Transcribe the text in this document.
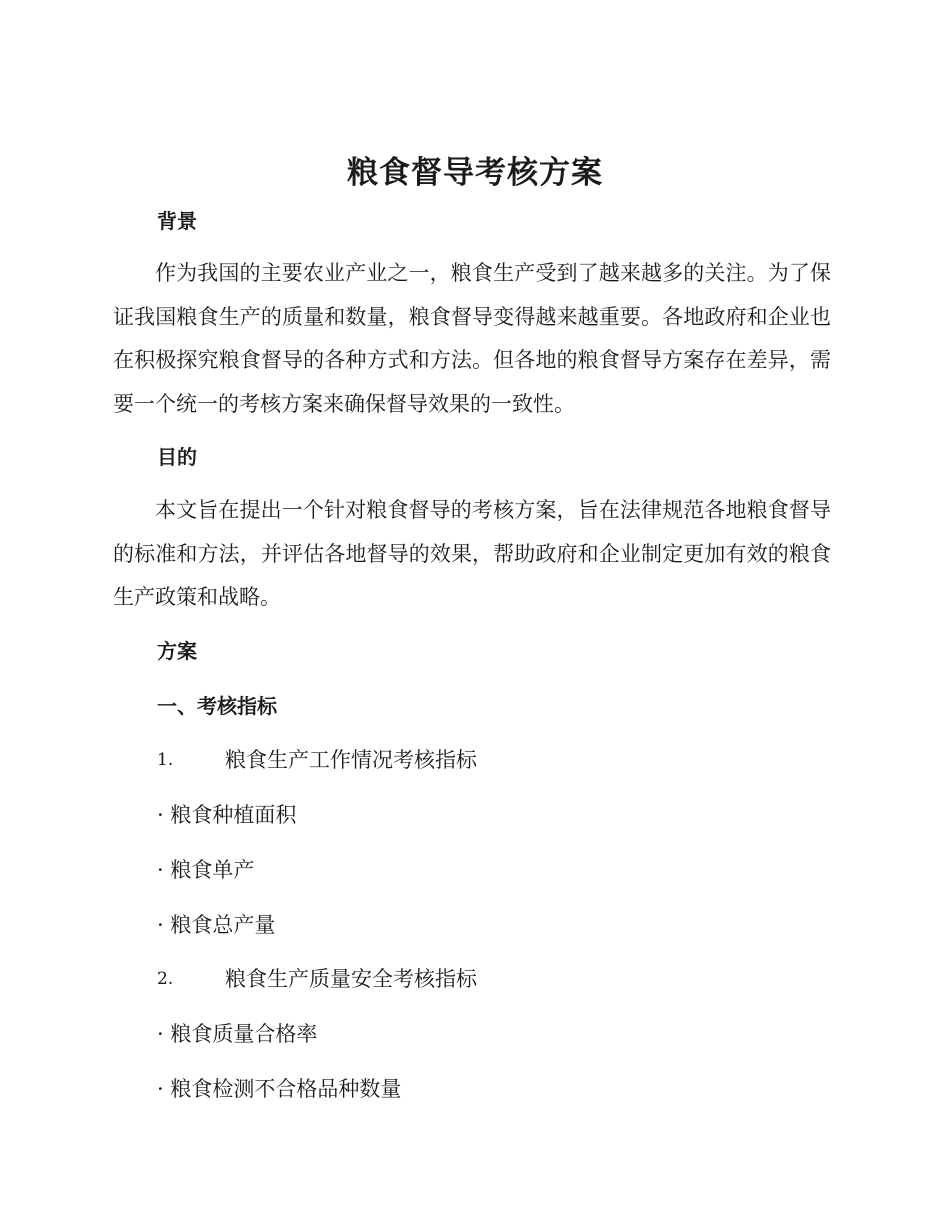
粮食督导考核方案
背景

作为我国的主要农业产业之一，粮食生产受到了越来越多的关注。为了保证我国粮食生产的质量和数量，粮食督导变得越来越重要。各地政府和企业也在积极探究粮食督导的各种方式和方法。但各地的粮食督导方案存在差异，需要一个统一的考核方案来确保督导效果的一致性。

目的

本文旨在提出一个针对粮食督导的考核方案，旨在法律规范各地粮食督导的标准和方法，并评估各地督导的效果，帮助政府和企业制定更加有效的粮食生产政策和战略。

方案
一、考核指标
1.	粮食生产工作情况考核指标
· 粮食种植面积
· 粮食单产
· 粮食总产量
2.	粮食生产质量安全考核指标
· 粮食质量合格率
· 粮食检测不合格品种数量
